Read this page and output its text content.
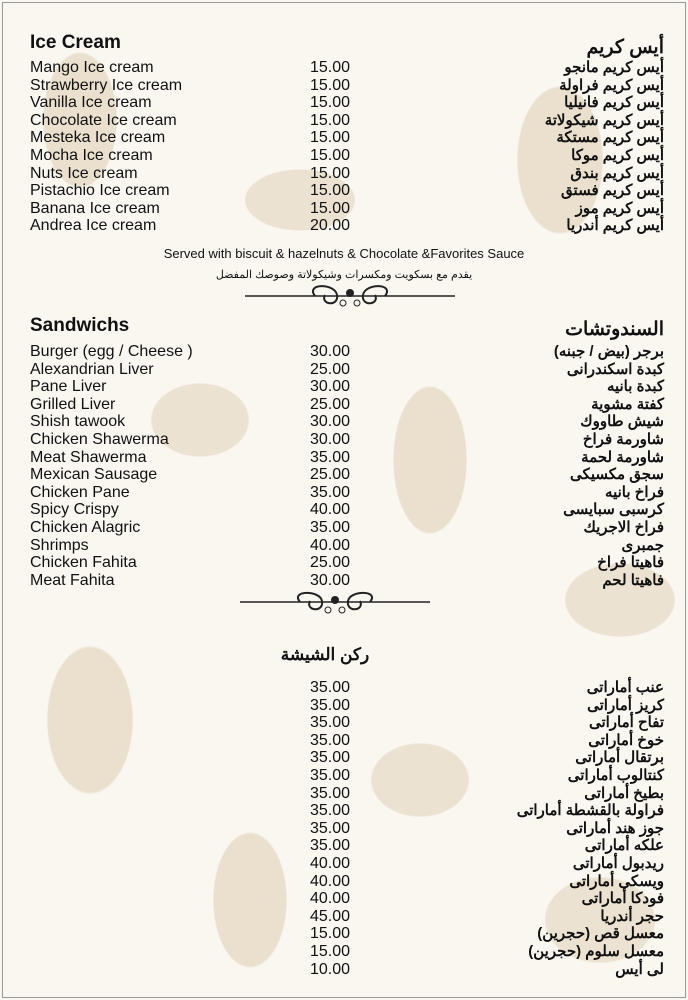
Ice Cream	أيس كريم
Mango Ice cream	15.00	أيس كريم مانجو
Strawberry Ice cream	15.00	أيس كريم فراولة
Vanilla Ice cream	15.00	أيس كريم فانيليا
Chocolate Ice cream	15.00	أيس كريم شيكولاتة
Mesteka Ice cream	15.00	أيس كريم مستكة
Mocha Ice cream	15.00	أيس كريم موكا
Nuts Ice cream	15.00	أيس كريم بندق
Pistachio Ice cream	15.00	أيس كريم فستق
Banana Ice cream	15.00	أيس كريم موز
Andrea Ice cream	20.00	أيس كريم أندريا
Served with biscuit & hazelnuts & Chocolate &Favorites Sauce
يقدم مع بسكويت ومكسرات وشيكولاتة وصوصك المفضل
Sandwichs	السندوتشات
Burger (egg / Cheese )	30.00	برجر (بيض / جبنه)
Alexandrian Liver	25.00	كبدة اسكندرانى
Pane Liver	30.00	كبدة بانيه
Grilled Liver	25.00	كفتة مشوية
Shish tawook	30.00	شيش طاووك
Chicken Shawerma	30.00	شاورمة فراخ
Meat Shawerma	35.00	شاورمة لحمة
Mexican Sausage	25.00	سجق مكسيكى
Chicken Pane	35.00	فراخ بانيه
Spicy Crispy	40.00	كرسبى سبايسى
Chicken Alagric	35.00	فراخ الاجريك
Shrimps	40.00	جمبرى
Chicken Fahita	25.00	فاهيتا فراخ
Meat Fahita	30.00	فاهيتا لحم
ركن الشيشة
35.00	عنب أماراتى
35.00	كريز أماراتى
35.00	تفاح أماراتى
35.00	خوخ أماراتى
35.00	برتقال أماراتى
35.00	كنتالوب أماراتى
35.00	بطيخ أماراتى
35.00	فراولة بالقشطة أماراتى
35.00	جوز هند أماراتى
35.00	علكه أماراتى
40.00	ريدبول أماراتى
40.00	ويسكى أماراتى
40.00	فودكا أماراتى
45.00	حجر أندريا
15.00	معسل قص (حجرين)
15.00	معسل سلوم (حجرين)
10.00	لى أيس
